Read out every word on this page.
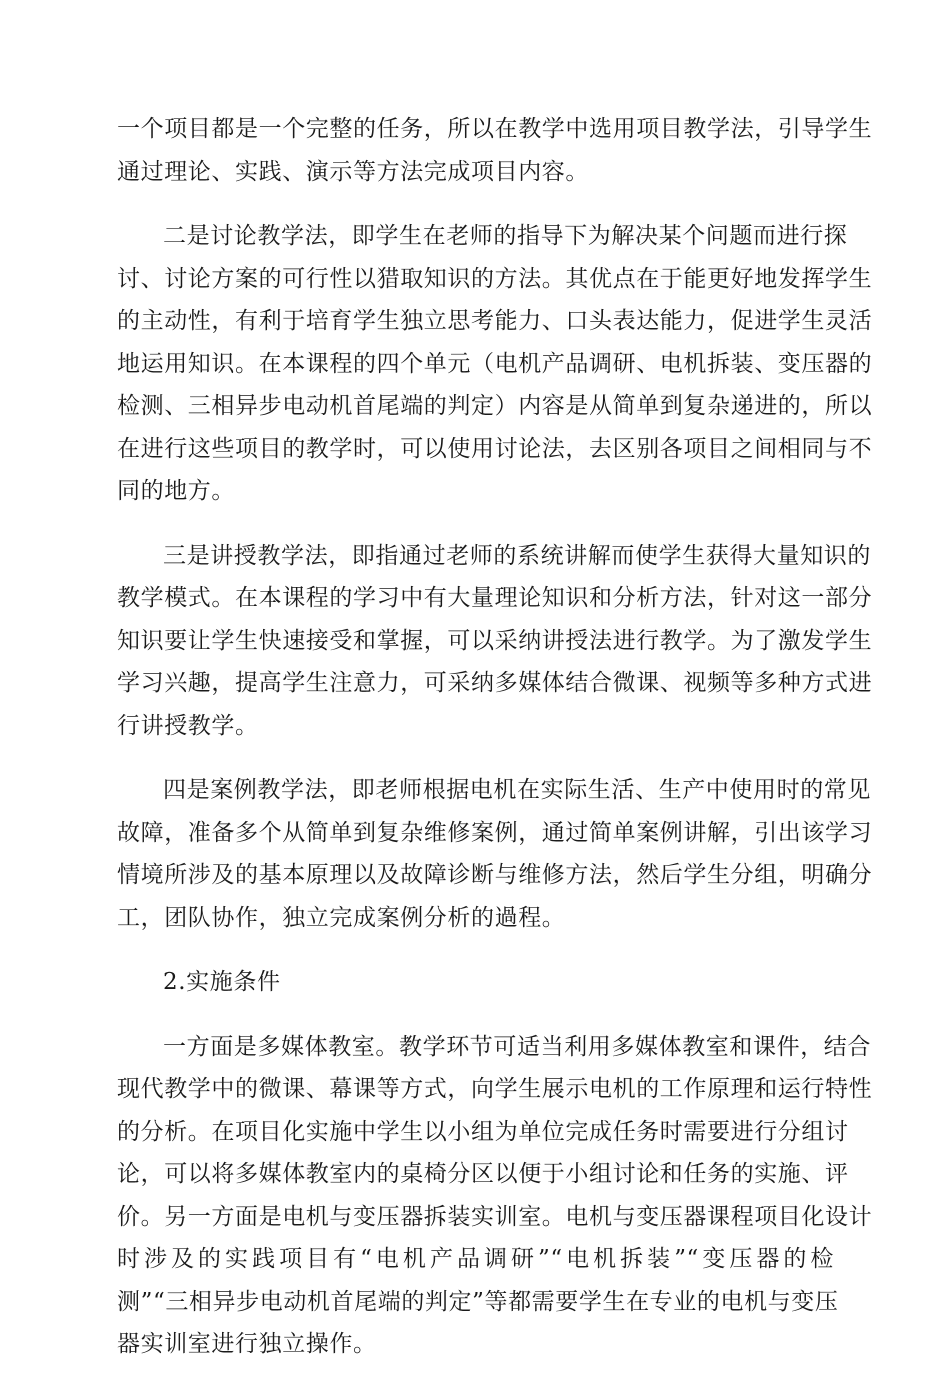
一个项目都是一个完整的任务，所以在教学中选用项目教学法，引导学生
通过理论、实践、演示等方法完成项目内容。

二是讨论教学法，即学生在老师的指导下为解决某个问题而进行探
讨、讨论方案的可行性以猎取知识的方法。其优点在于能更好地发挥学生
的主动性，有利于培育学生独立思考能力、口头表达能力，促进学生灵活
地运用知识。在本课程的四个单元（电机产品调研、电机拆装、变压器的
检测、三相异步电动机首尾端的判定）内容是从简单到复杂递进的，所以
在进行这些项目的教学时，可以使用讨论法，去区别各项目之间相同与不
同的地方。

三是讲授教学法，即指通过老师的系统讲解而使学生获得大量知识的
教学模式。在本课程的学习中有大量理论知识和分析方法，针对这一部分
知识要让学生快速接受和掌握，可以采纳讲授法进行教学。为了激发学生
学习兴趣，提高学生注意力，可采纳多媒体结合微课、视频等多种方式进
行讲授教学。

四是案例教学法，即老师根据电机在实际生活、生产中使用时的常见
故障，准备多个从简单到复杂维修案例，通过简单案例讲解，引出该学习
情境所涉及的基本原理以及故障诊断与维修方法，然后学生分组，明确分
工，团队协作，独立完成案例分析的過程。

2.实施条件

一方面是多媒体教室。教学环节可适当利用多媒体教室和课件，结合
现代教学中的微课、幕课等方式，向学生展示电机的工作原理和运行特性
的分析。在项目化实施中学生以小组为单位完成任务时需要进行分组讨
论，可以将多媒体教室内的桌椅分区以便于小组讨论和任务的实施、评
价。另一方面是电机与变压器拆装实训室。电机与变压器课程项目化设计
时涉及的实践项目有“电机产品调研”“电机拆装”“变压器的检
测”“三相异步电动机首尾端的判定”等都需要学生在专业的电机与变压
器实训室进行独立操作。
